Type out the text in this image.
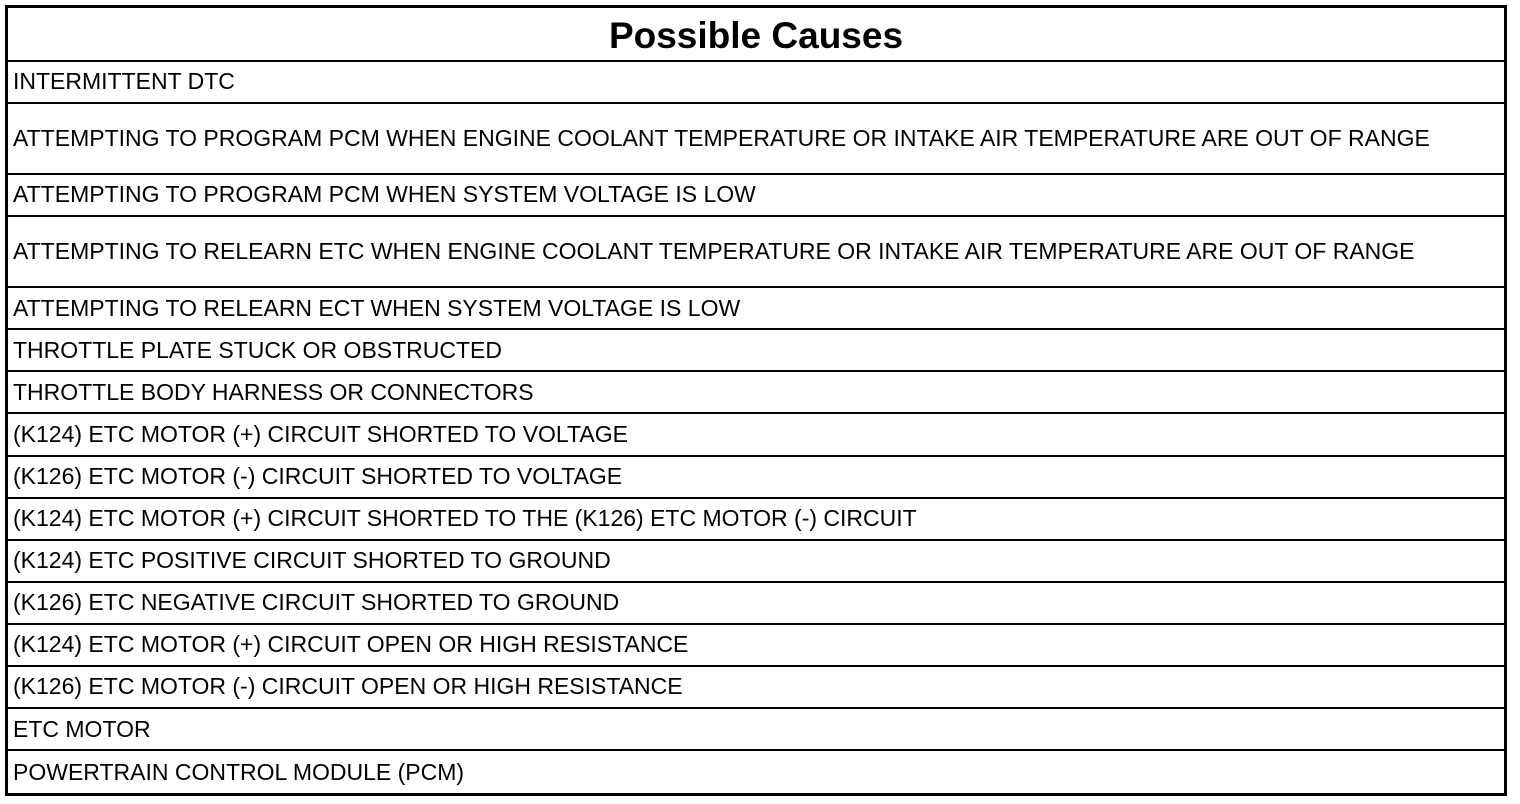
Possible Causes
INTERMITTENT DTC
ATTEMPTING TO PROGRAM PCM WHEN ENGINE COOLANT TEMPERATURE OR INTAKE AIR TEMPERATURE ARE OUT OF RANGE
ATTEMPTING TO PROGRAM PCM WHEN SYSTEM VOLTAGE IS LOW
ATTEMPTING TO RELEARN ETC WHEN ENGINE COOLANT TEMPERATURE OR INTAKE AIR TEMPERATURE ARE OUT OF RANGE
ATTEMPTING TO RELEARN ECT WHEN SYSTEM VOLTAGE IS LOW
THROTTLE PLATE STUCK OR OBSTRUCTED
THROTTLE BODY HARNESS OR CONNECTORS
(K124) ETC MOTOR (+) CIRCUIT SHORTED TO VOLTAGE
(K126) ETC MOTOR (-) CIRCUIT SHORTED TO VOLTAGE
(K124) ETC MOTOR (+) CIRCUIT SHORTED TO THE (K126) ETC MOTOR (-) CIRCUIT
(K124) ETC POSITIVE CIRCUIT SHORTED TO GROUND
(K126) ETC NEGATIVE CIRCUIT SHORTED TO GROUND
(K124) ETC MOTOR (+) CIRCUIT OPEN OR HIGH RESISTANCE
(K126) ETC MOTOR (-) CIRCUIT OPEN OR HIGH RESISTANCE
ETC MOTOR
POWERTRAIN CONTROL MODULE (PCM)
